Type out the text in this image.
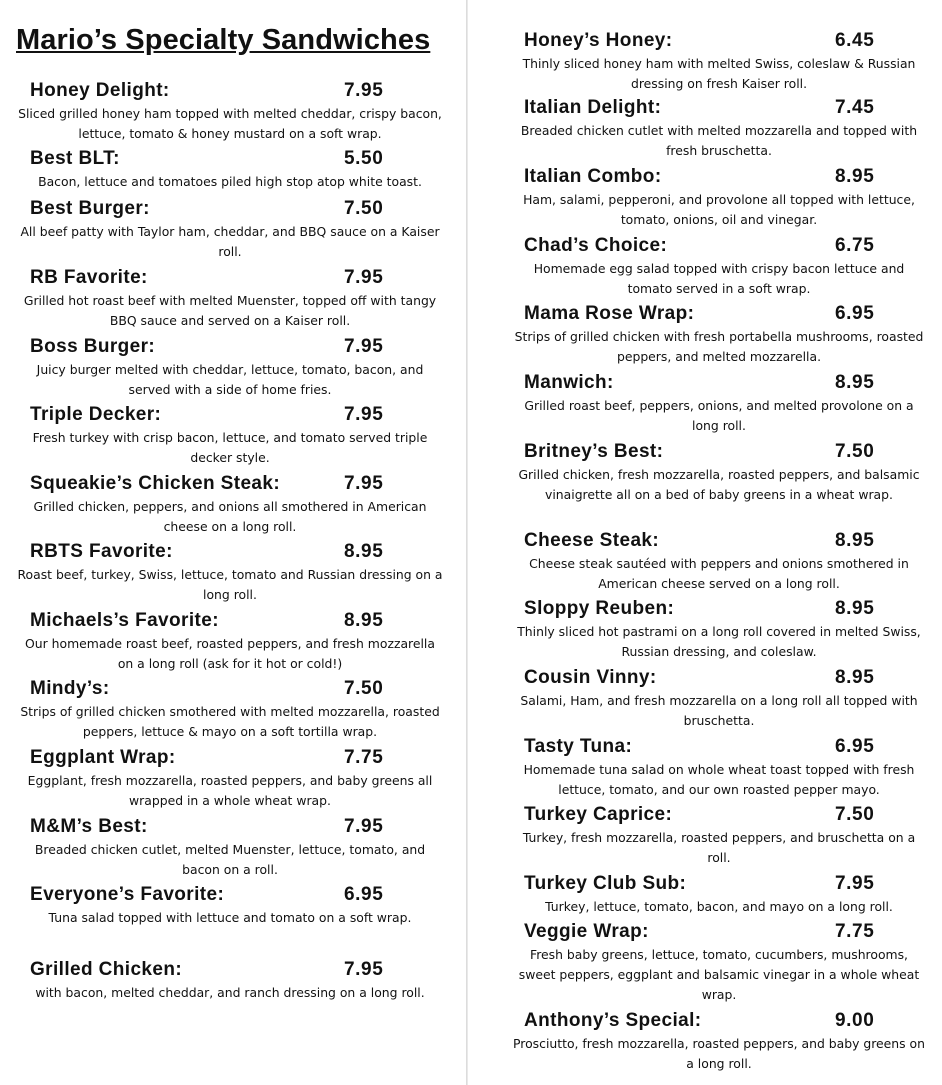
Mario’s Specialty Sandwiches
Honey Delight:	7.95
Sliced grilled honey ham topped with melted cheddar, crispy bacon, lettuce, tomato & honey mustard on a soft wrap.
Best BLT:	5.50
Bacon, lettuce and tomatoes piled high stop atop white toast.
Best Burger:	7.50
All beef patty with Taylor ham, cheddar, and BBQ sauce on a Kaiser roll.
RB Favorite:	7.95
Grilled hot roast beef with melted Muenster, topped off with tangy BBQ sauce and served on a Kaiser roll.
Boss Burger:	7.95
Juicy burger melted with cheddar, lettuce, tomato, bacon, and served with a side of home fries.
Triple Decker:	7.95
Fresh turkey with crisp bacon, lettuce, and tomato served triple decker style.
Squeakie’s Chicken Steak:	7.95
Grilled chicken, peppers, and onions all smothered in American cheese on a long roll.
RBTS Favorite:	8.95
Roast beef, turkey, Swiss, lettuce, tomato and Russian dressing on a long roll.
Michaels’s Favorite:	8.95
Our homemade roast beef, roasted peppers, and fresh mozzarella on a long roll (ask for it hot or cold!)
Mindy’s:	7.50
Strips of grilled chicken smothered with melted mozzarella, roasted peppers, lettuce & mayo on a soft tortilla wrap.
Eggplant Wrap:	7.75
Eggplant, fresh mozzarella, roasted peppers, and baby greens all wrapped in a whole wheat wrap.
M&M’s Best:	7.95
Breaded chicken cutlet, melted Muenster, lettuce, tomato, and bacon on a roll.
Everyone’s Favorite:	6.95
Tuna salad topped with lettuce and tomato on a soft wrap.
Grilled Chicken:	7.95
with bacon, melted cheddar, and ranch dressing on a long roll.
Honey’s Honey:	6.45
Thinly sliced honey ham with melted Swiss, coleslaw & Russian dressing on fresh Kaiser roll.
Italian Delight:	7.45
Breaded chicken cutlet with melted mozzarella and topped with fresh bruschetta.
Italian Combo:	8.95
Ham, salami, pepperoni, and provolone all topped with lettuce, tomato, onions, oil and vinegar.
Chad’s Choice:	6.75
Homemade egg salad topped with crispy bacon lettuce and tomato served in a soft wrap.
Mama Rose Wrap:	6.95
Strips of grilled chicken with fresh portabella mushrooms, roasted peppers, and melted mozzarella.
Manwich:	8.95
Grilled roast beef, peppers, onions, and melted provolone on a long roll.
Britney’s Best:	7.50
Grilled chicken, fresh mozzarella, roasted peppers, and balsamic vinaigrette all on a bed of baby greens in a wheat wrap.
Cheese Steak:	8.95
Cheese steak sautéed with peppers and onions smothered in American cheese served on a long roll.
Sloppy Reuben:	8.95
Thinly sliced hot pastrami on a long roll covered in melted Swiss, Russian dressing, and coleslaw.
Cousin Vinny:	8.95
Salami, Ham, and fresh mozzarella on a long roll all topped with bruschetta.
Tasty Tuna:	6.95
Homemade tuna salad on whole wheat toast topped with fresh lettuce, tomato, and our own roasted pepper mayo.
Turkey Caprice:	7.50
Turkey, fresh mozzarella, roasted peppers, and bruschetta on a roll.
Turkey Club Sub:	7.95
Turkey, lettuce, tomato, bacon, and mayo on a long roll.
Veggie Wrap:	7.75
Fresh baby greens, lettuce, tomato, cucumbers, mushrooms, sweet peppers, eggplant and balsamic vinegar in a whole wheat wrap.
Anthony’s Special:	9.00
Prosciutto, fresh mozzarella, roasted peppers, and baby greens on a long roll.
